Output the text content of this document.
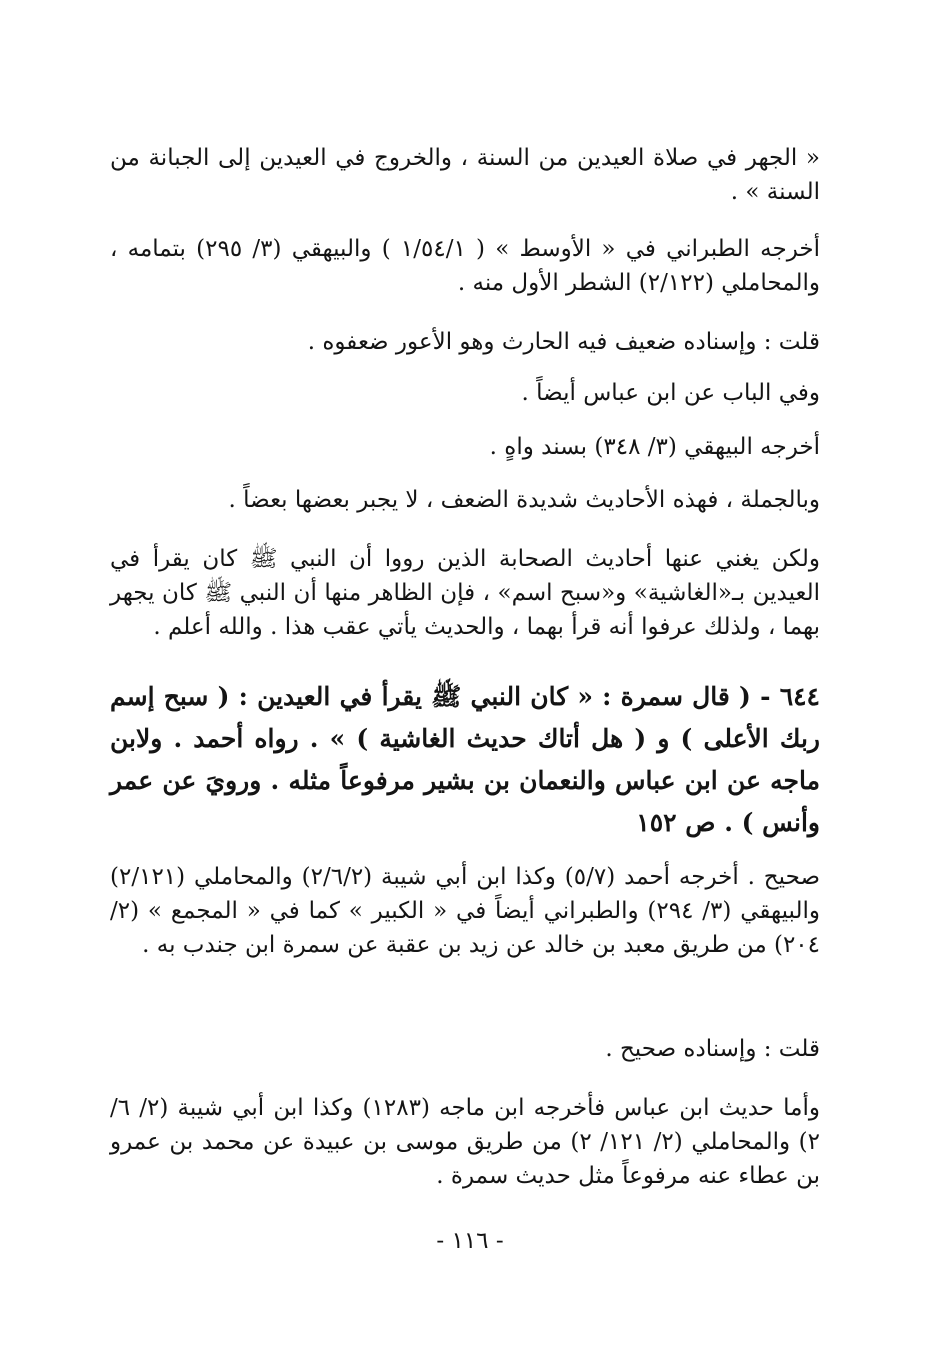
« الجهر في صلاة العيدين من السنة ، والخروج في العيدين إلى الجبانة من السنة » .

أخرجه الطبراني في « الأوسط » ( ١/٥٤/١ ) والبيهقي (٣/ ٢٩٥) بتمامه ، والمحاملي (٢/١٢٢) الشطر الأول منه .

قلت : وإسناده ضعيف فيه الحارث وهو الأعور ضعفوه .

وفي الباب عن ابن عباس أيضاً .

أخرجه البيهقي (٣/ ٣٤٨) بسند واهٍ .

وبالجملة ، فهذه الأحاديث شديدة الضعف ، لا يجبر بعضها بعضاً .

ولكن يغني عنها أحاديث الصحابة الذين رووا أن النبي ﷺ كان يقرأ في العيدين بـ«الغاشية» و«سبح اسم» ، فإن الظاهر منها أن النبي ﷺ كان يجهر بهما ، ولذلك عرفوا أنه قرأ بهما ، والحديث يأتي عقب هذا . والله أعلم .

٦٤٤ - ( قال سمرة : « كان النبي ﷺ يقرأ في العيدين : ( سبح إسم ربك الأعلى ) و ( هل أتاك حديث الغاشية ) » . رواه أحمد . ولابن ماجه عن ابن عباس والنعمان بن بشير مرفوعاً مثله . ورويَ عن عمر وأنس ) . ص ١٥٢

صحيح . أخرجه أحمد (٥/٧) وكذا ابن أبي شيبة (٢/٦/٢) والمحاملي (٢/١٢١) والبيهقي (٣/ ٢٩٤) والطبراني أيضاً في « الكبير » كما في « المجمع » (٢/ ٢٠٤) من طريق معبد بن خالد عن زيد بن عقبة عن سمرة ابن جندب به .

قلت : وإسناده صحيح .

وأما حديث ابن عباس فأخرجه ابن ماجه (١٢٨٣) وكذا ابن أبي شيبة (٢/ ٦/ ٢) والمحاملي (٢/ ١٢١/ ٢) من طريق موسى بن عبيدة عن محمد بن عمرو بن عطاء عنه مرفوعاً مثل حديث سمرة .

- ١١٦ -
